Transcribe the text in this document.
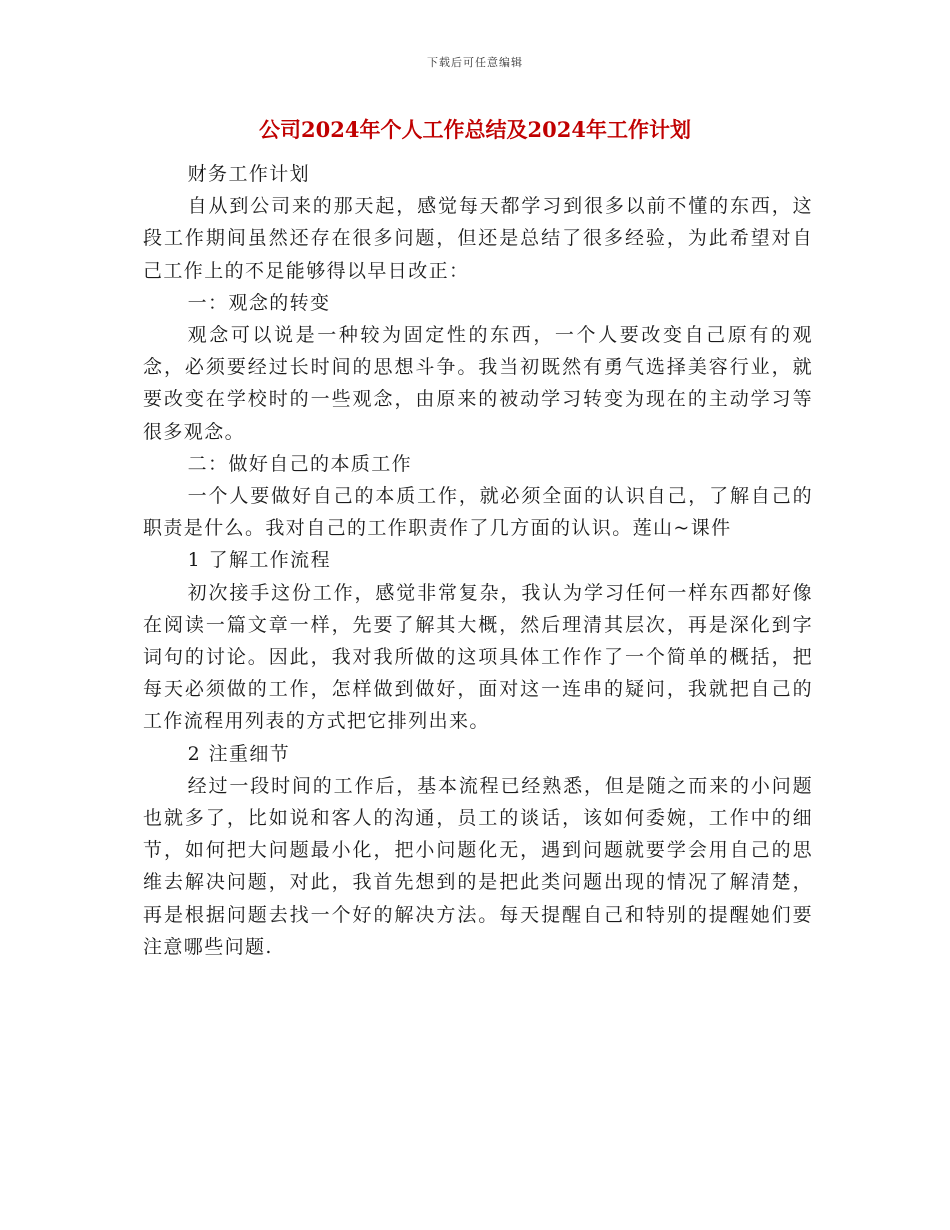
下载后可任意编辑
公司2024年个人工作总结及2024年工作计划

财务工作计划

自从到公司来的那天起，感觉每天都学习到很多以前不懂的东西，这段工作期间虽然还存在很多问题，但还是总结了很多经验，为此希望对自己工作上的不足能够得以早日改正：

一：观念的转变

观念可以说是一种较为固定性的东西，一个人要改变自己原有的观念，必须要经过长时间的思想斗争。我当初既然有勇气选择美容行业，就要改变在学校时的一些观念，由原来的被动学习转变为现在的主动学习等很多观念。

二：做好自己的本质工作

一个人要做好自己的本质工作，就必须全面的认识自己，了解自己的职责是什么。我对自己的工作职责作了几方面的认识。莲山~课件

1 了解工作流程

初次接手这份工作，感觉非常复杂，我认为学习任何一样东西都好像在阅读一篇文章一样，先要了解其大概，然后理清其层次，再是深化到字词句的讨论。因此，我对我所做的这项具体工作作了一个简单的概括，把每天必须做的工作，怎样做到做好，面对这一连串的疑问，我就把自己的工作流程用列表的方式把它排列出来。

2 注重细节

经过一段时间的工作后，基本流程已经熟悉，但是随之而来的小问题也就多了，比如说和客人的沟通，员工的谈话，该如何委婉，工作中的细节，如何把大问题最小化，把小问题化无，遇到问题就要学会用自己的思维去解决问题，对此，我首先想到的是把此类问题出现的情况了解清楚，再是根据问题去找一个好的解决方法。每天提醒自己和特别的提醒她们要注意哪些问题.
